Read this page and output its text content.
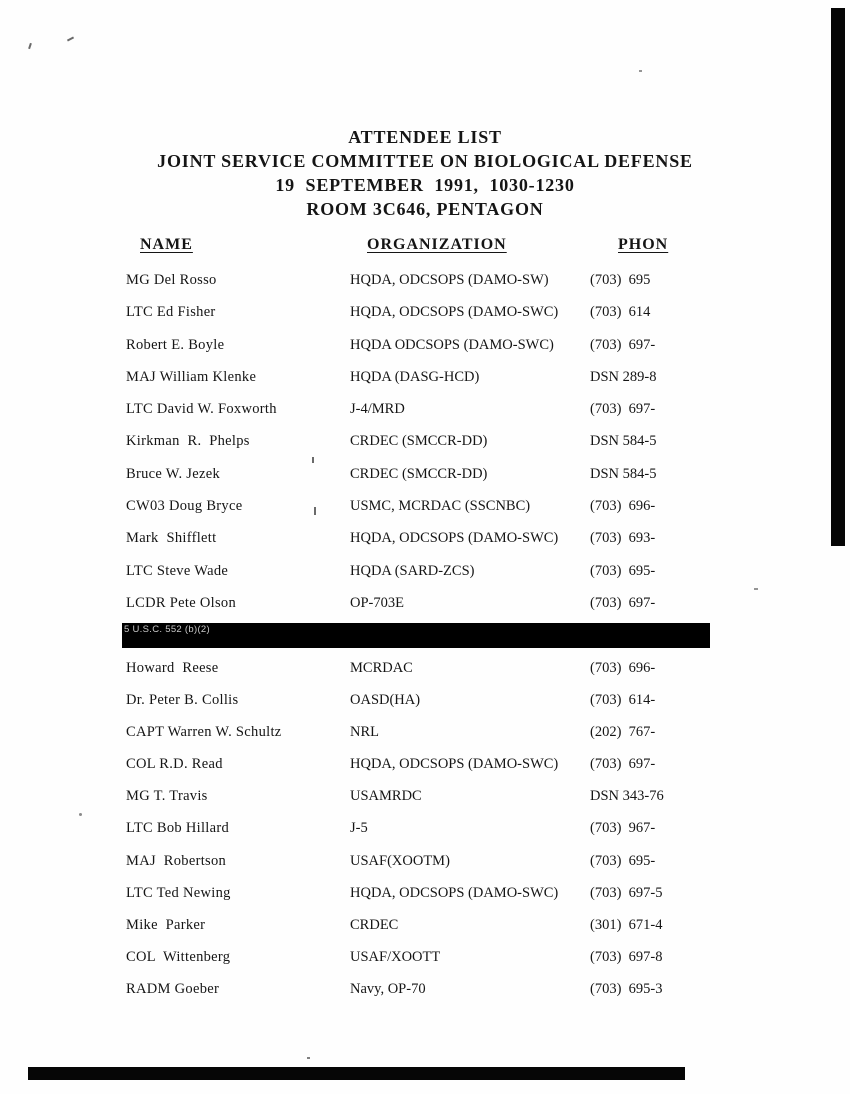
ATTENDEE LIST
JOINT SERVICE COMMITTEE ON BIOLOGICAL DEFENSE
19  SEPTEMBER  1991,  1030-1230
ROOM 3C646, PENTAGON
NAME	ORGANIZATION	PHON
MG Del Rosso	HQDA, ODCSOPS (DAMO-SW)	(703)  695
LTC Ed Fisher	HQDA, ODCSOPS (DAMO-SWC)	(703)  614
Robert E. Boyle	HQDA ODCSOPS (DAMO-SWC)	(703)  697-
MAJ William Klenke	HQDA (DASG-HCD)	DSN 289-8
LTC David W. Foxworth	J-4/MRD	(703)  697-
Kirkman  R.  Phelps	CRDEC (SMCCR-DD)	DSN 584-5
Bruce W. Jezek	CRDEC (SMCCR-DD)	DSN 584-5
CW03 Doug Bryce	USMC, MCRDAC (SSCNBC)	(703)  696-
Mark  Shifflett	HQDA, ODCSOPS (DAMO-SWC)	(703)  693-
LTC Steve Wade	HQDA (SARD-ZCS)	(703)  695-
LCDR Pete Olson	OP-703E	(703)  697-
5 U.S.C. 552 (b)(2)
Howard  Reese	MCRDAC	(703)  696-
Dr. Peter B. Collis	OASD(HA)	(703)  614-
CAPT Warren W. Schultz	NRL	(202)  767-
COL R.D. Read	HQDA, ODCSOPS (DAMO-SWC)	(703)  697-
MG T. Travis	USAMRDC	DSN 343-76
LTC Bob Hillard	J-5	(703)  967-
MAJ  Robertson	USAF(XOOTM)	(703)  695-
LTC Ted Newing	HQDA, ODCSOPS (DAMO-SWC)	(703)  697-5
Mike  Parker	CRDEC	(301)  671-4
COL  Wittenberg	USAF/XOOTT	(703)  697-8
RADM Goeber	Navy, OP-70	(703)  695-3
